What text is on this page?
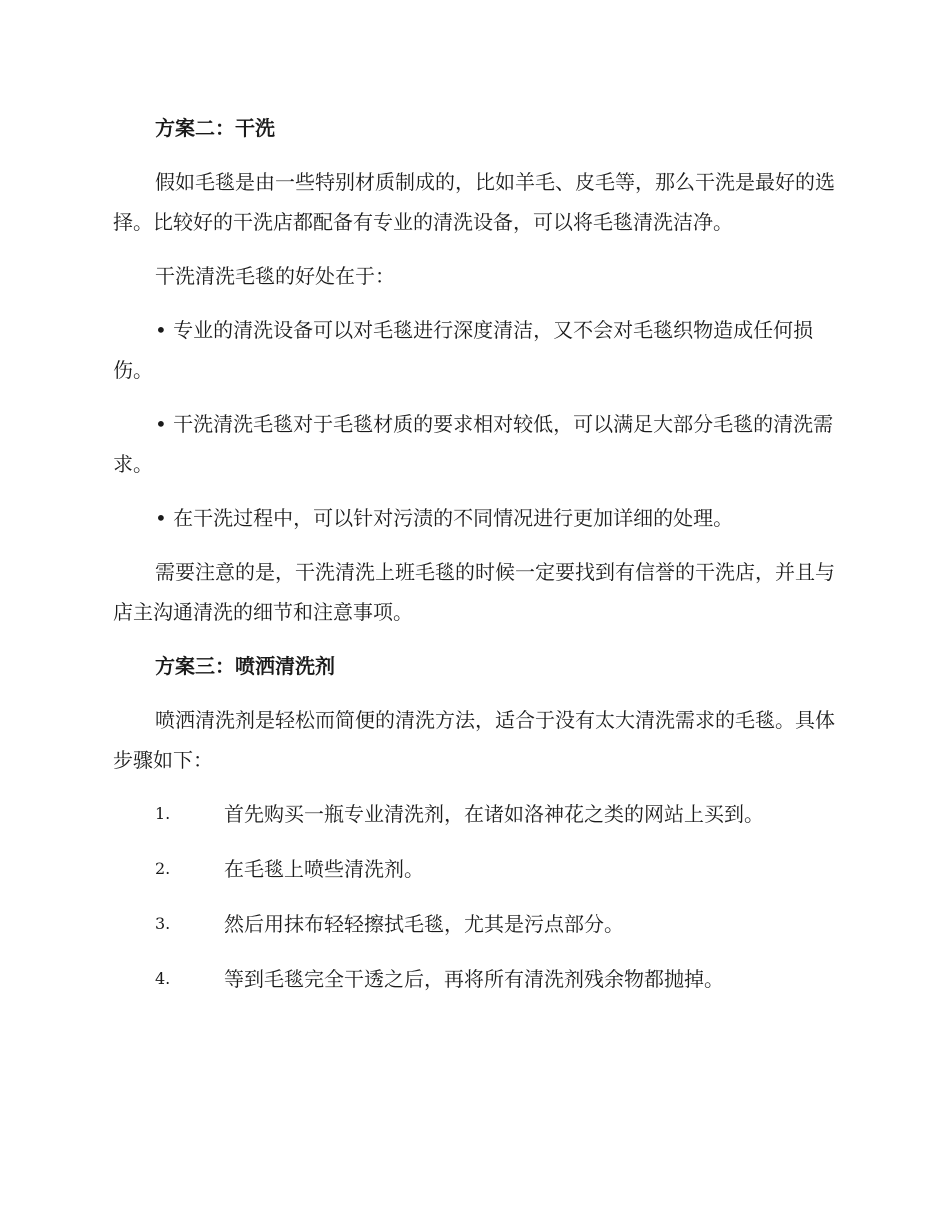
方案二：干洗

假如毛毯是由一些特别材质制成的，比如羊毛、皮毛等，那么干洗是最好的选择。比较好的干洗店都配备有专业的清洗设备，可以将毛毯清洗洁净。

干洗清洗毛毯的好处在于：

• 专业的清洗设备可以对毛毯进行深度清洁，又不会对毛毯织物造成任何损伤。

• 干洗清洗毛毯对于毛毯材质的要求相对较低，可以满足大部分毛毯的清洗需求。

• 在干洗过程中，可以针对污渍的不同情况进行更加详细的处理。

需要注意的是，干洗清洗上班毛毯的时候一定要找到有信誉的干洗店，并且与店主沟通清洗的细节和注意事项。

方案三：喷洒清洗剂

喷洒清洗剂是轻松而简便的清洗方法，适合于没有太大清洗需求的毛毯。具体步骤如下：

1.	首先购买一瓶专业清洗剂，在诸如洛神花之类的网站上买到。
2.	在毛毯上喷些清洗剂。
3.	然后用抹布轻轻擦拭毛毯，尤其是污点部分。
4.	等到毛毯完全干透之后，再将所有清洗剂残余物都抛掉。
